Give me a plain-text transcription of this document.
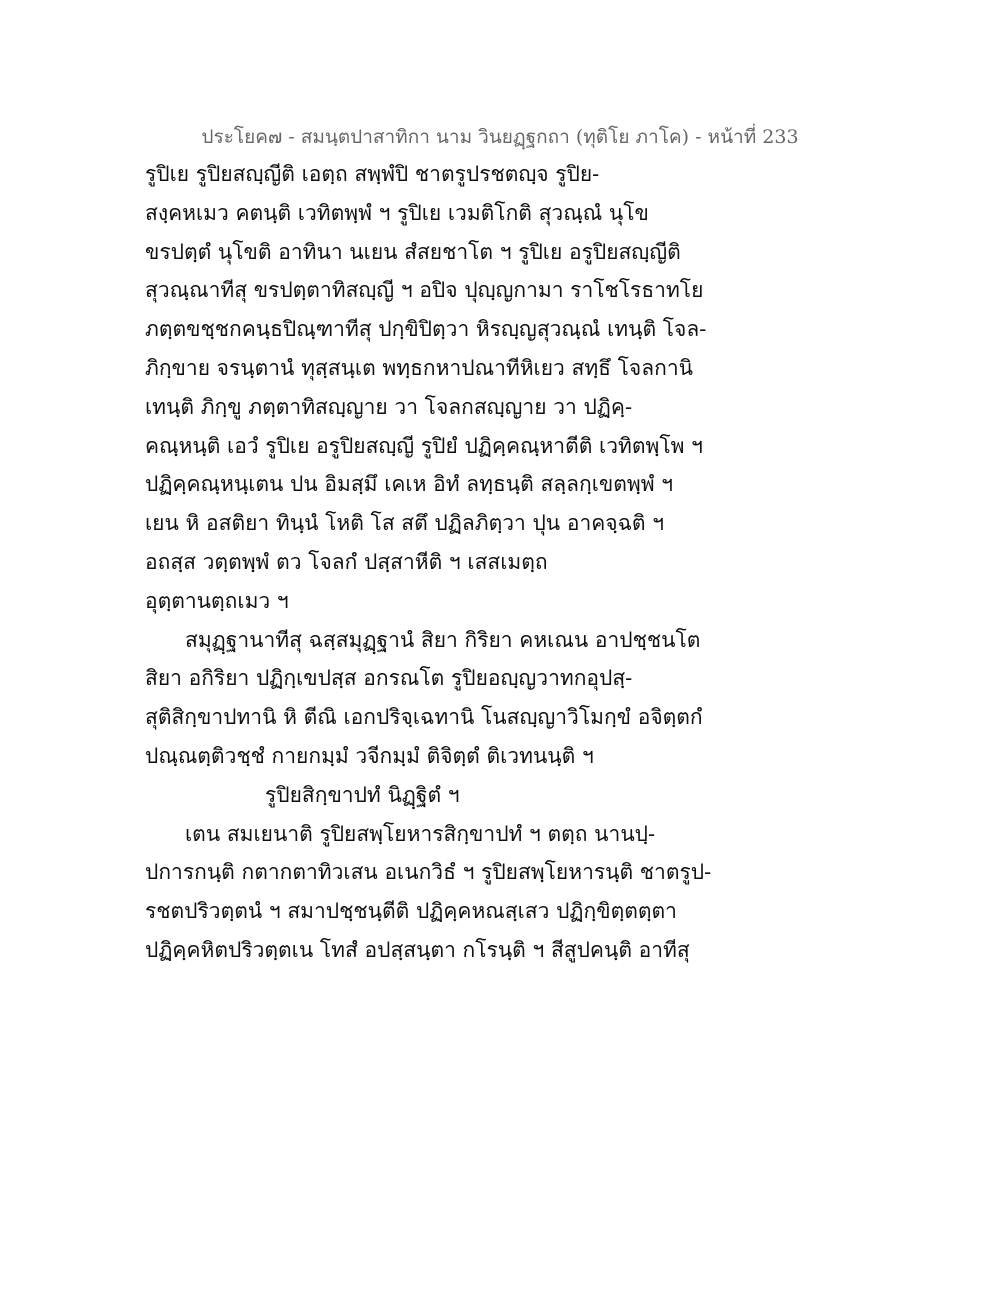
ประโยค๗ - สมนฺตปาสาทิกา นาม วินยฏฺฐกถา (ทุติโย ภาโค) - หน้าที่ 233
รูปิเย รูปิยสญฺญีติ เอตฺถ สพฺพํปิ ชาตรูปรชตญฺจ รูปิย-
สงฺคหเมว คตนฺติ เวทิตพฺพํ ฯ รูปิเย เวมติโกติ สุวณฺณํ นุโข
ขรปตฺตํ นุโขติ อาทินา นเยน สํสยชาโต ฯ รูปิเย อรูปิยสญฺญีติ
สุวณฺณาทีสุ ขรปตฺตาทิสญฺญี ฯ อปิจ ปุญฺญกามา ราโชโรธาทโย
ภตฺตขชฺชกคนฺธปิณฺฑาทีสุ ปกฺขิปิตฺวา หิรญฺญสุวณฺณํ เทนฺติ โจล-
ภิกฺขาย จรนฺตานํ ทุสฺสนฺเต พทฺธกหาปณาทีหิเยว สทฺธึ โจลกานิ
เทนฺติ ภิกฺขู ภตฺตาทิสญฺญาย วา โจลกสญฺญาย วา ปฏิคฺ-
คณฺหนฺติ เอวํ รูปิเย อรูปิยสญฺญี รูปิยํ ปฏิคฺคณฺหาตีติ เวทิตพฺโพ ฯ
ปฏิคฺคณฺหนฺเตน ปน อิมสฺมึ เคเห อิทํ ลทฺธนฺติ สลฺลกฺเขตพฺพํ ฯ
เยน หิ อสติยา ทินฺนํ โหติ โส สตึ ปฏิลภิตฺวา ปุน อาคจฺฉติ ฯ
อถสฺส วตฺตพฺพํ ตว โจลกํ ปสฺสาหีติ ฯ เสสเมตฺถ
อุตฺตานตฺถเมว ฯ
สมุฏฺฐานาทีสุ ฉสฺสมุฏฺฐานํ สิยา กิริยา คหเณน อาปชฺชนโต
สิยา อกิริยา ปฏิกฺเขปสฺส อกรณโต รูปิยอญฺญวาทกอุปสฺ-
สุติสิกฺขาปทานิ หิ ตีณิ เอกปริจฺเฉทานิ โนสญฺญาวิโมกฺขํ อจิตฺตกํ
ปณฺณตฺติวชฺชํ กายกมฺมํ วจีกมฺมํ ติจิตฺตํ ติเวทนนฺติ ฯ
รูปิยสิกฺขาปทํ นิฏฺฐิตํ ฯ
เตน สมเยนาติ รูปิยสพฺโยหารสิกฺขาปทํ ฯ ตตฺถ นานปฺ-
ปการกนฺติ กตากตาทิวเสน อเนกวิธํ ฯ รูปิยสพฺโยหารนฺติ ชาตรูป-
รชตปริวตฺตนํ ฯ สมาปชฺชนฺตีติ ปฏิคฺคหณสฺเสว ปฏิกฺขิตฺตตฺตา
ปฏิคฺคหิตปริวตฺตเน โทสํ อปสฺสนฺตา กโรนฺติ ฯ สีสูปคนฺติ อาทีสุ
